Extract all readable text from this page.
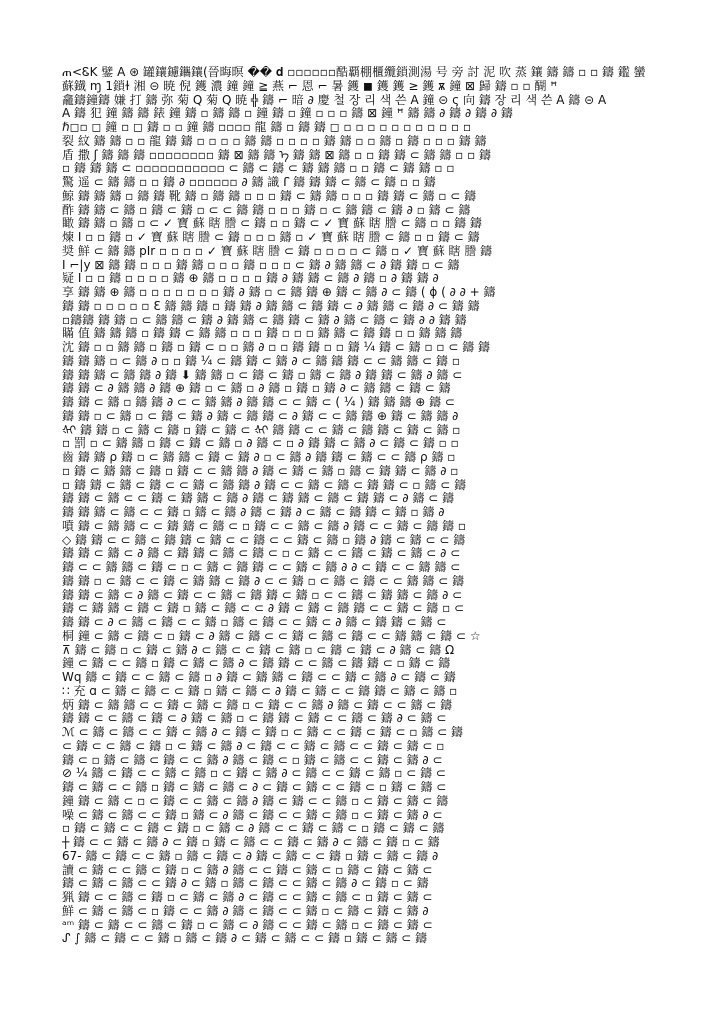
ጠ<ᏋK 鐾 Ã ⊛ 罐鑲鑢鑴鑲(晉晦暝 �� 𝐝 ▫▫▫▫▫▫酷覇棚櫃纜鎖測湯 号 旁 討 泥 吹 蒸 鑲 鑄 鑄 ▫ ▫ 鑄 鑑 蠻
蘇鐡 ɱ 1鎖ɫ 湘 ⊝ 暁 倪 鑊 濃 鐘 鐘 ≧ 燕 ⌐ 恩 ⌐ 暑 鑊 ◼ 鑊 鑊 ≥ 鑊 ѫ 鐘 ⊠ 歸 鑄 ▫ ▫ 醐 ꟸ
龕鑄鐘鑄 嫌 打 鑄 弥 菊 Q 菊 Q 暁 ╬ 鑄 ⌐ 暗 ∂ 慶 철 장 리 색 쓴 Ä 鐘 ⊝ ς 向 鑄 장 리 색 쓴 Ä 鑄 ⊝ Ä
Ä 鑄 犯 鐘 鑄 鑄 錶 鐘 鑄 ▫ 鑄 鑄 ▫ 鐘 鑄 ▫ 鐘 ▫ ▫ ▫ 鑄 ⊠ 鐘 ꟸ 鑄 鑄 ∂ 鑄 ∂ 鑄 ∂ 鑄
ℏ◻▫ ◻ 鐘 ▫ ◻ 鑄 ▫ ▫ 鐘 鑄 ▫▫▫▫ 龍 鑄 ▫ 鑄 鑄 ◻ ▫ ▫ ▫ ▫ ▫ ▫ ▫ ▫ ▫ ▫ ▫
裂 紋 鑄 鑄 ▫ ▫ 龍 鑄 鑄 ▫ ▫ ▫ ▫ 鑄 鑄 ▫ ▫ ▫ ▫ 鑄 鑄 ▫ ▫ 鑄 ▫ 鑄 ▫ ▫ ▫ 鑄 鑄
盾 撒 ʃ 鑄 鑄 鑄 ▫▫▫▫▫▫▫▫ 鑄 ⊠ 鑄 鑄 ᠡ 鑄 鑄 ⊠ 鑄 ▫ ▫ 鑄 鑄 ⊂ 鑄 鑄 ▫ ▫ 鑄
▫ 鑄 鑄 鑄 ⊂ ▫▫▫▫▫▫▫▫▫▫▫ ⊂ 鑄 ⊂ 鑄 ⊂ 鑄 鑄 鑄 ▫ ▫ 鑄 ⊂ 鑄 鑄 ▫ ▫
驚 遥 ⊂ 鑄 鑄 ▫ ▫ 鑄 ∂ ▫▫▫▫▫▫ ∂ 鑄 識 ꓩ 鑄 鑄 鑄 ⊂ 鑄 ⊂ 鑄 ▫ ▫ 鑄
鯨 鑄 鑄 鑄 ▫ 鑄 鑄 靴 鑄 ▫ 鑄 鑄 ▫ ▫ ▫ 鑄 ⊂ 鑄 鑄 ▫ ▫ ▫ 鑄 鑄 ⊂ 鑄 ▫ ⊂ 鑄
酢 鑄 鑄 ⊂ 鑄 ▫ 鑄 ⊂ 鑄 ▫ ⊂ ⊂ 鑄 鑄 ▫ ▫ ▫ 鑄 ▫ ⊂ 鑄 鑄 ⊂ 鑄 ∂ ▫ 鑄 ⊂ 鑄
瞰 鑄 鑄 ▫ 鑄 ▫ ⊂ ✓ 寶 蘇 瞎 謄 ⊂ 鑄 ▫ ▫ 鑄 ⊂ ✓ 寶 蘇 瞎 謄 ⊂ 鑄 ▫ ▫ 鑄 鑄
煉 I ▫ ▫ 鑄 ▫ ✓ 寶 蘇 瞎 謄 ⊂ 鑄 ▫ ▫ ▫ 鑄 ▫ ✓ 寶 蘇 瞎 謄 ⊂ 鑄 ▫ ▫ 鑄 ⊂ 鑄
奨 鮮 ⊂ 鑄 鑄 pIr ▫ ▫ ▫ ▫ ✓ 寶 蘇 瞎 謄 ⊂ 鑄 ▫ ▫ ▫ ▫ ⊂ 鑄 ▫ ✓ 寶 蘇 瞎 謄 鑄
I ⌐|y ⊠ 鑄 鑄 ▫ ▫ ▫ 鑄 鑄 ▫ ▫ ▫ 鑄 ▫ ▫ ▫ ⊂ 鑄 ∂ 鑄 鑄 ⊂ ∂ 鑄 鑄 ▫ ⊂ 鑄
疑 I ▫ ▫ 鑄 ▫ ▫ ▫ ▫ 鑄 ⊕ 鑄 ▫ ▫ ▫ ▫ 鑄 ∂ 鑄 鑄 ⊂ 鑄 ∂ 鑄 ▫ ∂ 鑄 鑄 ∂
享 鑄 鑄 ⊕ 鑄 ▫ ▫ ▫ ▫ ▫ ▫ ▫ 鑄 ∂ 鑄 ▫ ⊂ 鑄 鑄 ⊕ 鑄 ⊂ 鑄 ∂ ⊂ 鑄 ( ɸ ( ∂ ∂ + 鑄
鑄 鑄 ▫ ▫ ▫ ▫ ▫ Ɛ 鑄 鑄 鑄 ▫ 鑄 鑄 ∂ 鑄 鑄 ⊂ 鑄 鑄 ⊂ ∂ 鑄 鑄 ⊂ 鑄 ∂ ⊂ 鑄 鑄
▫鑄鑄 鑄 鑄 ▫ ⊂ 鑄 鑄 ⊂ 鑄 ∂ 鑄 鑄 ⊂ 鑄 鑄 ⊂ 鑄 ∂ 鑄 ⊂ 鑄 ⊂ 鑄 ∂ ∂ 鑄 鑄
瞞 值 鑄 鑄 鑄 ▫ 鑄 鑄 ⊂ 鑄 鑄 ▫ ▫ ▫ 鑄 ▫ ▫ ▫ 鑄 鑄 ⊂ 鑄 鑄 ▫ ▫ 鑄 鑄 鑄
沈 鑄 ▫ ▫ 鑄 鑄 ▫ 鑄 ▫ 鑄 ⊂ ▫ ▫ 鑄 ∂ ▫ ▫ 鑄 鑄 ▫ ▫ 鑄 ¼ 鑄 ⊂ 鑄 ▫ ▫ ⊂ 鑄 鑄
鑄 鑄 鑄 ▫ ⊂ 鑄 ∂ ▫ ▫ 鑄 ¼ ⊂ 鑄 鑄 ⊂ 鑄 ∂ ⊂ 鑄 鑄 鑄 ⊂ ⊂ 鑄 鑄 ⊂ 鑄 ▫
鑄 鑄 鑄 ⊂ 鑄 鑄 ∂ 鑄 ⬇ 鑄 鑄 ▫ ⊂ 鑄 ⊂ 鑄 ▫ 鑄 ⊂ 鑄 ∂ 鑄 鑄 ⊂ 鑄 ∂ 鑄 ⊂
鑄 鑄 ⊂ ∂ 鑄 鑄 ∂ 鑄 ⊕ 鑄 ▫ ⊂ 鑄 ▫ ∂ 鑄 ▫ 鑄 ▫ 鑄 ∂ ⊂ 鑄 鑄 ⊂ 鑄 ⊂ 鑄
鑄 鑄 ⊂ 鑄 ▫ 鑄 鑄 ∂ ⊂ ⊂ 鑄 鑄 ∂ 鑄 鑄 ⊂ ⊂ 鑄 ⊂ ( ¼ ) 鑄 鑄 鑄 ⊕ 鑄 ⊂
鑄 鑄 ▫ ⊂ 鑄 ▫ ⊂ 鑄 ⊂ 鑄 ∂ 鑄 ⊂ 鑄 鑄 ⊂ ∂ 鑄 ⊂ ⊂ 鑄 鑄 ⊕ 鑄 ⊂ 鑄 鑄 ∂
ᡧᠢ 鑄 鑄 ▫ ⊂ 鑄 ⊂ 鑄 ▫ 鑄 ⊂ 鑄 ⊂ ᡧᠢ 鑄 鑄 ⊂ ⊂ 鑄 ⊂ 鑄 鑄 ⊂ 鑄 ⊂ 鑄 ▫
▫ 罰 ▫ ⊂ 鑄 鑄 ▫ 鑄 ⊂ 鑄 ⊂ 鑄 ▫ ∂ 鑄 ⊂ ▫ ∂ 鑄 鑄 ⊂ 鑄 ∂ ⊂ 鑄 ⊂ 鑄 ▫ ▫
齒 鑄 鑄 ρ 鑄 ▫ ⊂ 鑄 鑄 ⊂ 鑄 ⊂ 鑄 ∂ ▫ ⊂ 鑄 ∂ 鑄 鑄 ⊂ 鑄 ⊂ ⊂ 鑄 ρ 鑄 ▫
▫ 鑄 ⊂ 鑄 鑄 ⊂ 鑄 ▫ 鑄 ⊂ ⊂ 鑄 鑄 ∂ 鑄 ⊂ 鑄 ⊂ 鑄 ▫ 鑄 ⊂ 鑄 鑄 ⊂ 鑄 ∂ ▫
▫ 鑄 鑄 ⊂ 鑄 ⊂ 鑄 ⊂ ⊂ 鑄 ⊂ 鑄 鑄 ∂ 鑄 ⊂ ⊂ 鑄 ⊂ 鑄 ⊂ 鑄 鑄 ⊂ ▫ 鑄 ⊂ 鑄
鑄 鑄 ⊂ 鑄 ⊂ ⊂ 鑄 ⊂ 鑄 鑄 ⊂ 鑄 ∂ 鑄 ⊂ 鑄 鑄 ⊂ 鑄 ⊂ 鑄 鑄 ⊂ ∂ 鑄 ⊂ 鑄
鑄 鑄 鑄 ⊂ 鑄 ⊂ ⊂ 鑄 ▫ 鑄 ⊂ 鑄 ∂ 鑄 ⊂ 鑄 ∂ ⊂ 鑄 ⊂ 鑄 鑄 ⊂ 鑄 ▫ 鑄 ∂
噴 鑄 ⊂ 鑄 鑄 ⊂ ⊂ 鑄 鑄 ⊂ 鑄 ⊂ ▫ 鑄 ⊂ ⊂ 鑄 ⊂ 鑄 ∂ 鑄 ⊂ ⊂ 鑄 ⊂ 鑄 鑄 ▫
◇ 鑄 鑄 ⊂ ⊂ 鑄 ⊂ 鑄 鑄 ⊂ 鑄 ⊂ ⊂ 鑄 ⊂ ⊂ 鑄 ⊂ 鑄 ▫ 鑄 ∂ 鑄 ⊂ 鑄 ⊂ ⊂ 鑄
鑄 鑄 ⊂ 鑄 ⊂ ∂ 鑄 ⊂ 鑄 鑄 ⊂ 鑄 ⊂ 鑄 ⊂ ▫ ⊂ 鑄 ⊂ ⊂ 鑄 ⊂ 鑄 ⊂ 鑄 ⊂ ∂ ⊂
鑄 ⊂ ⊂ 鑄 鑄 ⊂ 鑄 ⊂ ▫ ⊂ 鑄 ⊂ 鑄 鑄 ⊂ ⊂ 鑄 ⊂ 鑄 ∂ ∂ ⊂ 鑄 ⊂ ⊂ 鑄 鑄 ⊂
鑄 鑄 ▫ ⊂ 鑄 ⊂ ⊂ 鑄 ⊂ 鑄 鑄 ⊂ 鑄 ∂ ⊂ ⊂ 鑄 ▫ ⊂ 鑄 ⊂ 鑄 ⊂ ⊂ 鑄 鑄 ⊂ 鑄
鑄 鑄 ⊂ 鑄 ⊂ ∂ 鑄 ⊂ 鑄 ⊂ ⊂ 鑄 ⊂ 鑄 鑄 ⊂ 鑄 ▫ ⊂ ⊂ 鑄 ⊂ 鑄 鑄 ⊂ 鑄 ∂ ⊂
鑄 ⊂ 鑄 鑄 ⊂ 鑄 ⊂ 鑄 ▫ 鑄 ⊂ 鑄 ⊂ ⊂ ∂ 鑄 ⊂ 鑄 ⊂ 鑄 鑄 ⊂ ⊂ 鑄 ⊂ 鑄 ▫ ⊂
鑄 鑄 ⊂ ∂ ⊂ 鑄 ⊂ 鑄 ⊂ ⊂ 鑄 ▫ 鑄 ⊂ 鑄 ⊂ ⊂ 鑄 ⊂ ∂ 鑄 ⊂ 鑄 鑄 ⊂ 鑄 ⊂
桐 鐘 ⊂ 鑄 ⊂ 鑄 ⊂ ▫ 鑄 ⊂ ∂ 鑄 ⊂ 鑄 ⊂ ⊂ 鑄 ⊂ 鑄 ⊂ 鑄 ⊂ ⊂ 鑄 鑄 ⊂ 鑄 ⊂ ☆
⊼ 鑄 ⊂ 鑄 ▫ ⊂ 鑄 ⊂ 鑄 ∂ ⊂ 鑄 ⊂ ⊂ 鑄 ⊂ 鑄 ▫ ⊂ 鑄 ⊂ 鑄 ⊂ ∂ 鑄 ⊂ 鑄 Ω
鐘 ⊂ 鑄 ⊂ ⊂ 鑄 ▫ 鑄 ⊂ 鑄 ⊂ 鑄 ∂ ⊂ 鑄 鑄 ⊂ ⊂ 鑄 ⊂ 鑄 鑄 ⊂ ▫ 鑄 ⊂ 鑄
Wq 鑄 ⊂ 鑄 ⊂ ⊂ 鑄 ⊂ 鑄 ▫ ∂ 鑄 ⊂ 鑄 鑄 ⊂ 鑄 ⊂ ⊂ 鑄 ⊂ 鑄 ∂ ⊂ 鑄 ⊂ 鑄
∷ 充 ɑ ⊂ 鑄 ⊂ 鑄 ⊂ ⊂ 鑄 ▫ 鑄 ⊂ 鑄 ⊂ ∂ 鑄 ⊂ 鑄 ⊂ ⊂ 鑄 鑄 ⊂ 鑄 ⊂ 鑄 ▫
炳 鑄 ⊂ 鑄 鑄 ⊂ ⊂ 鑄 ⊂ 鑄 ⊂ 鑄 ▫ ⊂ 鑄 ⊂ ⊂ 鑄 ∂ 鑄 ⊂ 鑄 ⊂ ⊂ 鑄 ⊂ 鑄
鑄 鑄 ⊂ ⊂ 鑄 ⊂ 鑄 ⊂ ∂ 鑄 ⊂ 鑄 ▫ ⊂ 鑄 鑄 ⊂ 鑄 ⊂ ⊂ 鑄 ⊂ 鑄 ∂ ⊂ 鑄 ⊂
ℳ ⊂ 鑄 ⊂ 鑄 ⊂ ⊂ 鑄 ⊂ 鑄 ∂ ⊂ 鑄 ⊂ 鑄 ▫ ⊂ 鑄 ⊂ ⊂ 鑄 ⊂ 鑄 ⊂ ▫ 鑄 ⊂ 鑄
⊂ 鑄 ⊂ ⊂ 鑄 ⊂ 鑄 ▫ ⊂ 鑄 ⊂ 鑄 ∂ ⊂ 鑄 ⊂ ⊂ 鑄 ⊂ 鑄 ⊂ ⊂ 鑄 ⊂ 鑄 ⊂ ▫
鑄 ⊂ ▫ 鑄 ⊂ 鑄 ⊂ 鑄 ⊂ ⊂ 鑄 ∂ 鑄 ⊂ 鑄 ⊂ ▫ 鑄 ⊂ 鑄 ⊂ ⊂ 鑄 ⊂ 鑄 ∂ ⊂
⊘ ¼ 鑄 ⊂ 鑄 ⊂ ⊂ 鑄 ⊂ 鑄 ▫ ⊂ 鑄 ⊂ 鑄 ∂ ⊂ 鑄 ⊂ ⊂ 鑄 ⊂ 鑄 ▫ ⊂ 鑄 ⊂
鑄 ⊂ 鑄 ⊂ ⊂ 鑄 ▫ 鑄 ⊂ 鑄 ⊂ 鑄 ⊂ ∂ ⊂ 鑄 ⊂ 鑄 ⊂ ⊂ 鑄 ⊂ ▫ 鑄 ⊂ 鑄 ⊂
鐘 鑄 ⊂ 鑄 ⊂ ▫ ⊂ 鑄 ⊂ ⊂ 鑄 ⊂ 鑄 ∂ 鑄 ⊂ 鑄 ⊂ ⊂ 鑄 ▫ ⊂ 鑄 ⊂ 鑄 ⊂ 鑄
噪 ⊂ 鑄 ⊂ 鑄 ⊂ ⊂ 鑄 ▫ 鑄 ⊂ ∂ 鑄 ⊂ 鑄 ⊂ ⊂ 鑄 ⊂ 鑄 ▫ ⊂ 鑄 ⊂ 鑄 ∂ ⊂
▫ 鑄 ⊂ 鑄 ⊂ ⊂ 鑄 ⊂ 鑄 ▫ ⊂ 鑄 ⊂ ∂ 鑄 ⊂ ⊂ 鑄 ⊂ 鑄 ⊂ ▫ 鑄 ⊂ 鑄 ⊂ 鑄
┼ 鑄 ⊂ ⊂ 鑄 ⊂ 鑄 ∂ ⊂ 鑄 ▫ 鑄 ⊂ 鑄 ⊂ ⊂ 鑄 ⊂ 鑄 ∂ ⊂ 鑄 ⊂ 鑄 ▫ ⊂ 鑄
67- 鑄 ⊂ 鑄 ⊂ ⊂ 鑄 ▫ 鑄 ⊂ 鑄 ⊂ ∂ 鑄 ⊂ 鑄 ⊂ ⊂ 鑄 ▫ 鑄 ⊂ 鑄 ⊂ 鑄 ∂
讀 ⊂ 鑄 ⊂ ⊂ 鑄 ⊂ 鑄 ▫ ⊂ 鑄 ∂ 鑄 ⊂ ⊂ 鑄 ⊂ 鑄 ⊂ ▫ 鑄 ⊂ 鑄 ⊂ 鑄 ⊂
鑄 ⊂ 鑄 ⊂ 鑄 ⊂ ⊂ 鑄 ∂ ⊂ 鑄 ▫ 鑄 ⊂ 鑄 ⊂ ⊂ 鑄 ⊂ 鑄 ∂ ⊂ 鑄 ▫ ⊂ 鑄
猟 鑄 ⊂ ⊂ 鑄 ⊂ 鑄 ▫ ⊂ 鑄 ⊂ 鑄 ∂ ⊂ 鑄 ⊂ ⊂ 鑄 ⊂ 鑄 ⊂ ▫ 鑄 ⊂ 鑄 ⊂
鮮 ⊂ 鑄 ⊂ 鑄 ⊂ ▫ 鑄 ⊂ ⊂ 鑄 ∂ 鑄 ⊂ 鑄 ⊂ ⊂ 鑄 ▫ ⊂ 鑄 ⊂ 鑄 ⊂ 鑄 ∂
ᵃᵐ 鑄 ⊂ 鑄 ⊂ ⊂ 鑄 ⊂ 鑄 ▫ ⊂ 鑄 ⊂ ∂ 鑄 ⊂ ⊂ 鑄 ⊂ 鑄 ▫ ⊂ 鑄 ⊂ 鑄 ⊂
ᔑ ∫ 鑄 ⊂ 鑄 ⊂ ⊂ 鑄 ▫ 鑄 ⊂ 鑄 ∂ ⊂ 鑄 ⊂ 鑄 ⊂ ⊂ 鑄 ▫ 鑄 ⊂ 鑄 ⊂ 鑄
